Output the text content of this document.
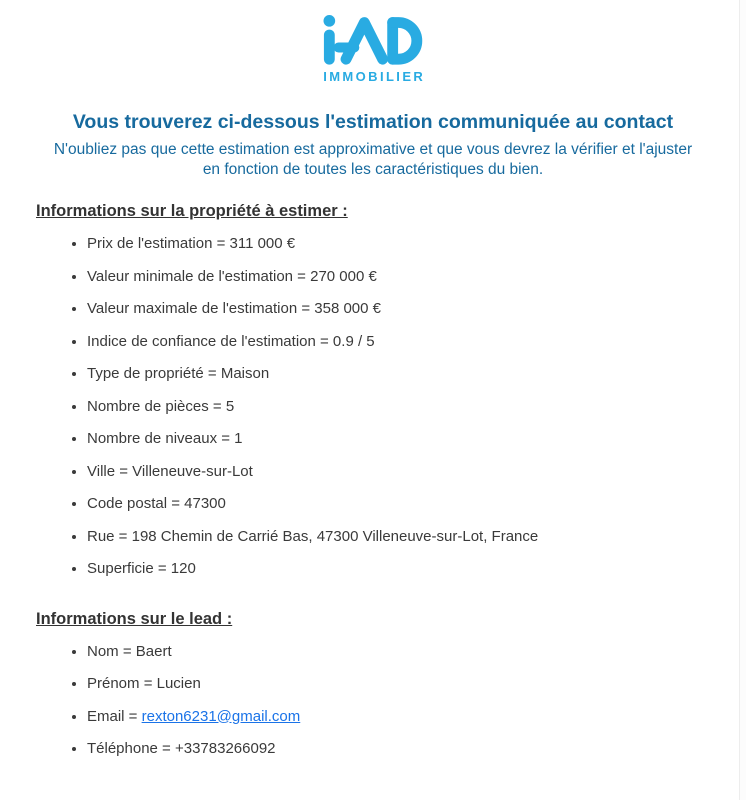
IMMOBILIER
Vous trouverez ci-dessous l'estimation communiquée au contact

N'oubliez pas que cette estimation est approximative et que vous devrez la vérifier et l'ajuster
en fonction de toutes les caractéristiques du bien.

Informations sur la propriété à estimer :
• Prix de l'estimation = 311 000 €
• Valeur minimale de l'estimation = 270 000 €
• Valeur maximale de l'estimation = 358 000 €
• Indice de confiance de l'estimation = 0.9 / 5
• Type de propriété = Maison
• Nombre de pièces = 5
• Nombre de niveaux = 1
• Ville = Villeneuve-sur-Lot
• Code postal = 47300
• Rue = 198 Chemin de Carrié Bas, 47300 Villeneuve-sur-Lot, France
• Superficie = 120
Informations sur le lead :
• Nom = Baert
• Prénom = Lucien
• Email = rexton6231@gmail.com
• Téléphone = +33783266092
